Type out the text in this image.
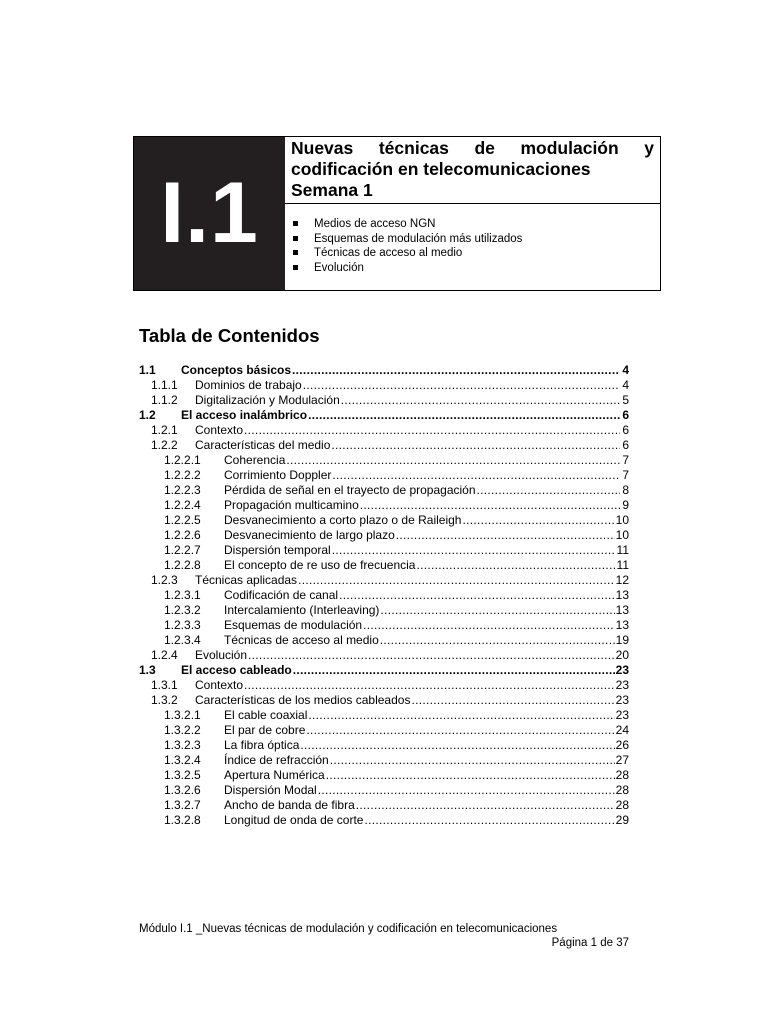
I.1
Nuevas técnicas de modulación y
codificación en telecomunicaciones
Semana 1
Medios de acceso NGN
Esquemas de modulación más utilizados
Técnicas de acceso al medio
Evolución
Tabla de Contenidos
1.1	Conceptos básicos .....	4
1.1.1	Dominios de trabajo .....	4
1.1.2	Digitalización y Modulación .....	5
1.2	El acceso inalámbrico .....	6
1.2.1	Contexto .....	6
1.2.2	Características del medio .....	6
1.2.2.1	Coherencia .....	7
1.2.2.2	Corrimiento Doppler .....	7
1.2.2.3	Pérdida de señal en el trayecto de propagación .....	8
1.2.2.4	Propagación multicamino .....	9
1.2.2.5	Desvanecimiento a corto plazo o de Raileigh .....	10
1.2.2.6	Desvanecimiento de largo plazo .....	10
1.2.2.7	Dispersión temporal .....	11
1.2.2.8	El concepto de re uso de frecuencia .....	11
1.2.3	Técnicas aplicadas .....	12
1.2.3.1	Codificación de canal .....	13
1.2.3.2	Intercalamiento (Interleaving) .....	13
1.2.3.3	Esquemas de modulación .....	13
1.2.3.4	Técnicas de acceso al medio .....	19
1.2.4	Evolución .....	20
1.3	El acceso cableado .....	23
1.3.1	Contexto .....	23
1.3.2	Características de los medios cableados .....	23
1.3.2.1	El cable coaxial .....	23
1.3.2.2	El par de cobre .....	24
1.3.2.3	La fibra óptica .....	26
1.3.2.4	Índice de refracción .....	27
1.3.2.5	Apertura Numérica .....	28
1.3.2.6	Dispersión Modal .....	28
1.3.2.7	Ancho de banda de fibra .....	28
1.3.2.8	Longitud de onda de corte .....	29
Módulo I.1 _Nuevas técnicas de modulación y codificación en telecomunicaciones
Página 1 de 37
